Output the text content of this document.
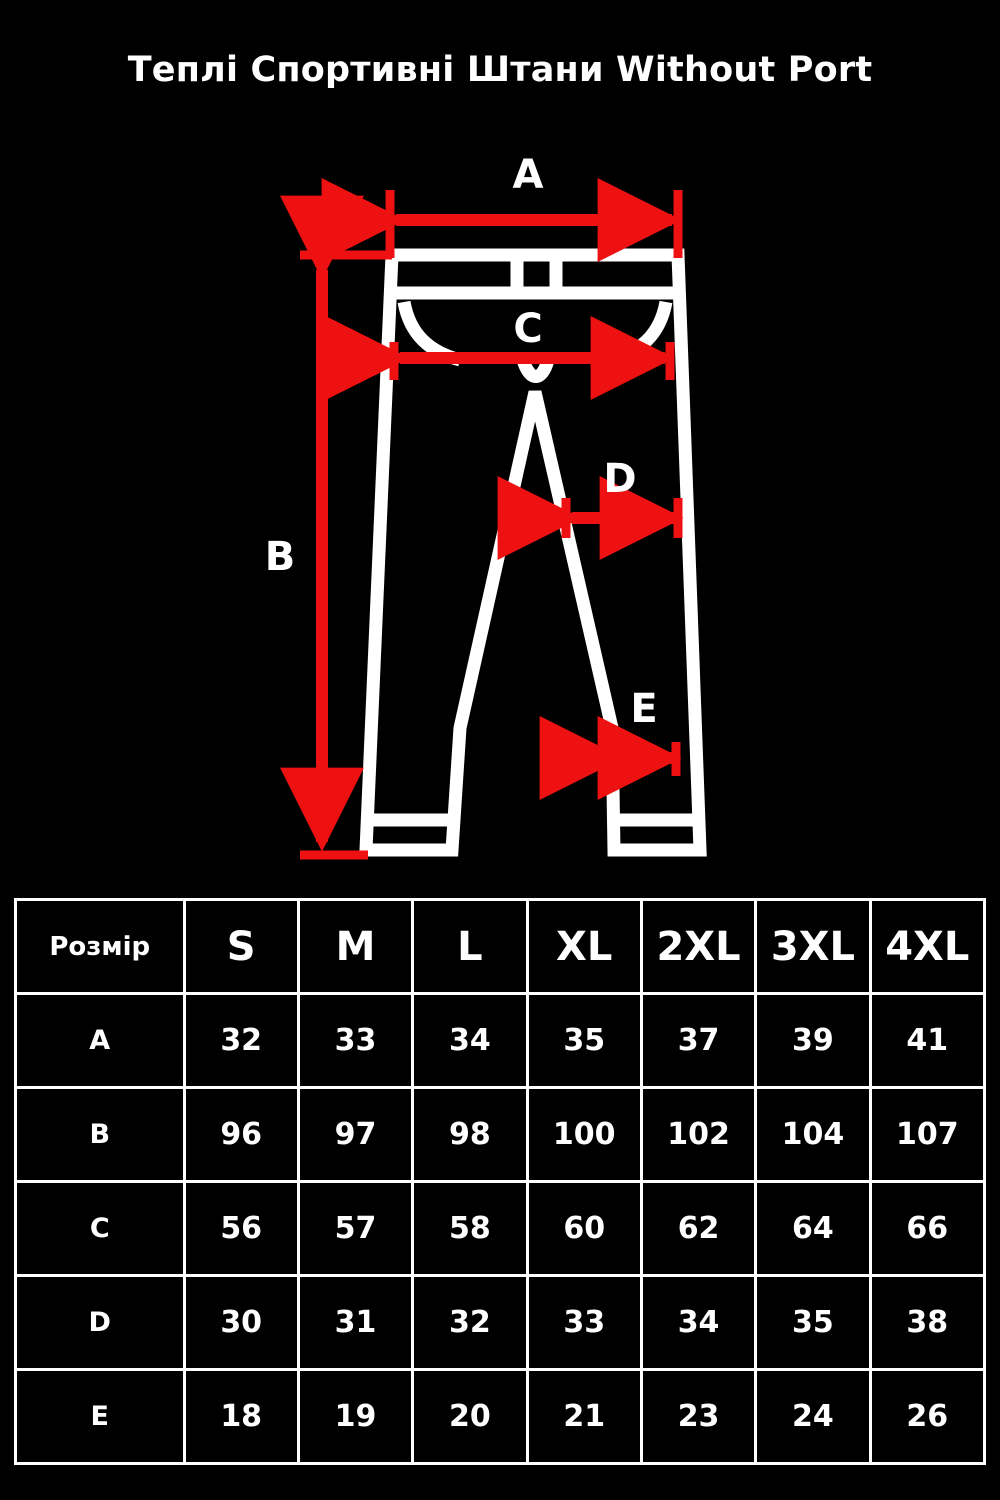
Теплі Спортивні Штани Without Port
A
B
C
D
E
Розмір	S	M	L	XL	2XL	3XL	4XL
A	32	33	34	35	37	39	41
B	96	97	98	100	102	104	107
C	56	57	58	60	62	64	66
D	30	31	32	33	34	35	38
E	18	19	20	21	23	24	26
